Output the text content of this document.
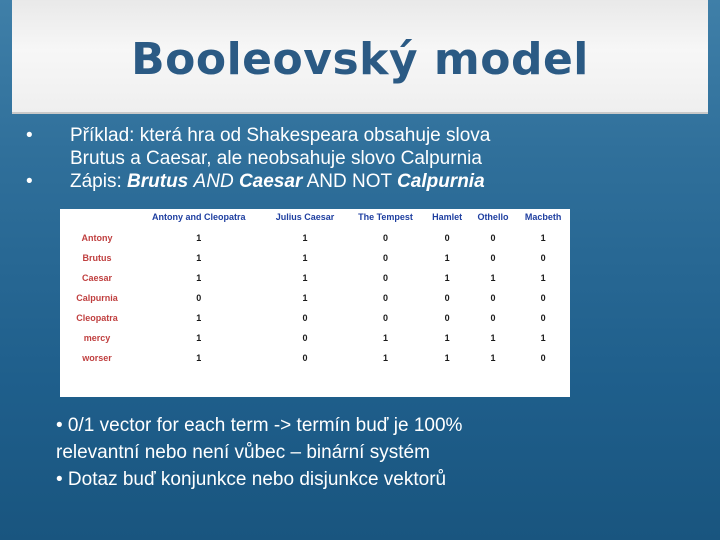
Booleovský model
•	Příklad: která hra od Shakespeara obsahuje slova
Brutus a Caesar, ale neobsahuje slovo Calpurnia
•	Zápis: Brutus AND Caesar AND NOT Calpurnia
	Antony and Cleopatra	Julius Caesar	The Tempest	Hamlet	Othello	Macbeth
Antony	1	1	0	0	0	1
Brutus	1	1	0	1	0	0
Caesar	1	1	0	1	1	1
Calpurnia	0	1	0	0	0	0
Cleopatra	1	0	0	0	0	0
mercy	1	0	1	1	1	1
worser	1	0	1	1	1	0
• 0/1 vector for each term -> termín buď je 100%
relevantní nebo není vůbec – binární systém
• Dotaz buď konjunkce nebo disjunkce vektorů
